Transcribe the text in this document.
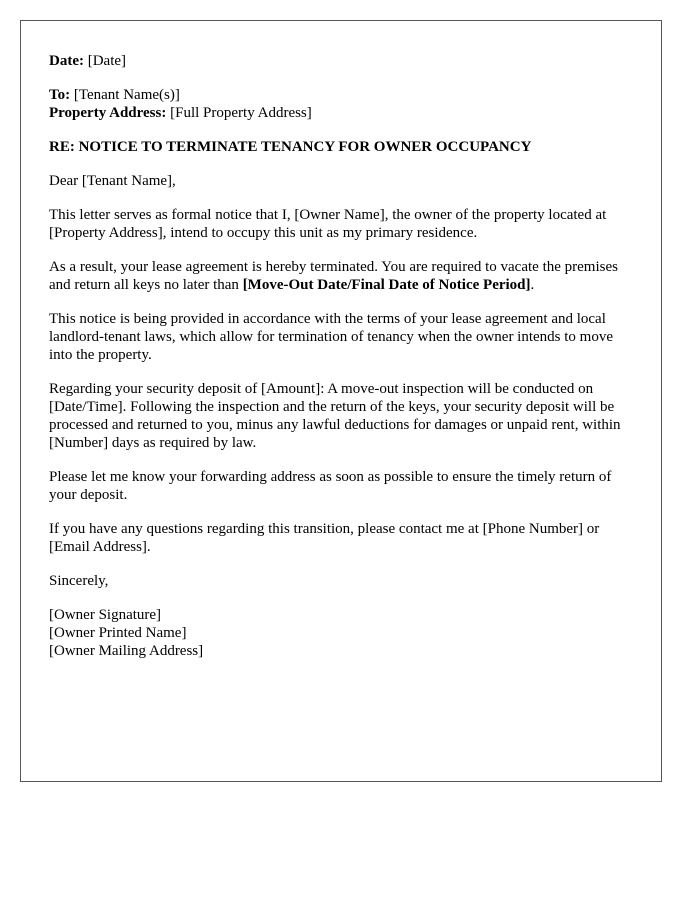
Date: [Date]

To: [Tenant Name(s)]
Property Address: [Full Property Address]

RE: NOTICE TO TERMINATE TENANCY FOR OWNER OCCUPANCY

Dear [Tenant Name],

This letter serves as formal notice that I, [Owner Name], the owner of the property located at [Property Address], intend to occupy this unit as my primary residence.

As a result, your lease agreement is hereby terminated. You are required to vacate the premises and return all keys no later than [Move-Out Date/Final Date of Notice Period].

This notice is being provided in accordance with the terms of your lease agreement and local landlord-tenant laws, which allow for termination of tenancy when the owner intends to move into the property.

Regarding your security deposit of [Amount]: A move-out inspection will be conducted on [Date/Time]. Following the inspection and the return of the keys, your security deposit will be processed and returned to you, minus any lawful deductions for damages or unpaid rent, within [Number] days as required by law.

Please let me know your forwarding address as soon as possible to ensure the timely return of your deposit.

If you have any questions regarding this transition, please contact me at [Phone Number] or [Email Address].

Sincerely,

[Owner Signature]
[Owner Printed Name]
[Owner Mailing Address]
